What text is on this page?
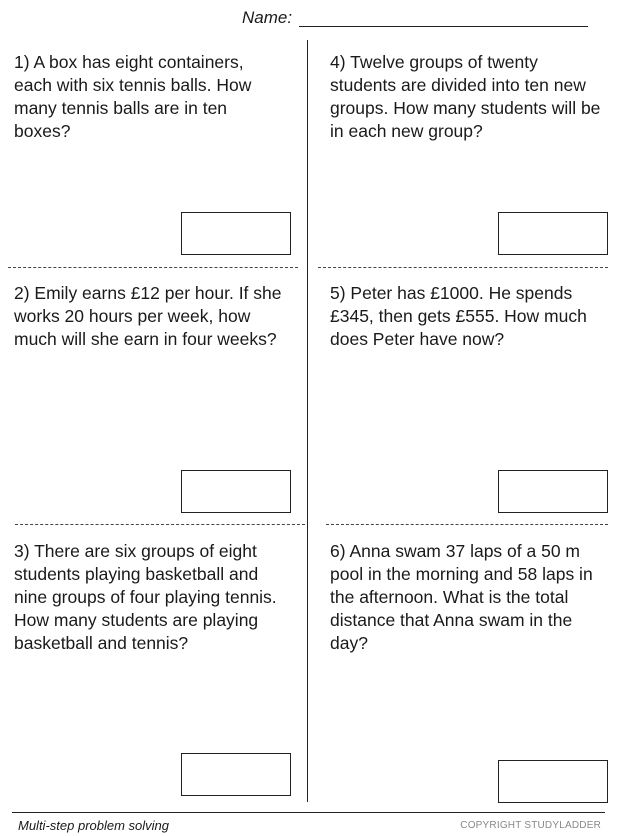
Name:

1) A box has eight containers, each with six tennis balls. How many tennis balls are in ten boxes?

4) Twelve groups of twenty students are divided into ten new groups. How many students will be in each new group?

2) Emily earns £12 per hour. If she works 20 hours per week, how much will she earn in four weeks?

5) Peter has £1000. He spends £345, then gets £555. How much does Peter have now?

3) There are six groups of eight students playing basketball and nine groups of four playing tennis. How many students are playing basketball and tennis?

6) Anna swam 37 laps of a 50 m pool in the morning and 58 laps in the afternoon. What is the total distance that Anna swam in the day?

Multi-step problem solving	COPYRIGHT STUDYLADDER
